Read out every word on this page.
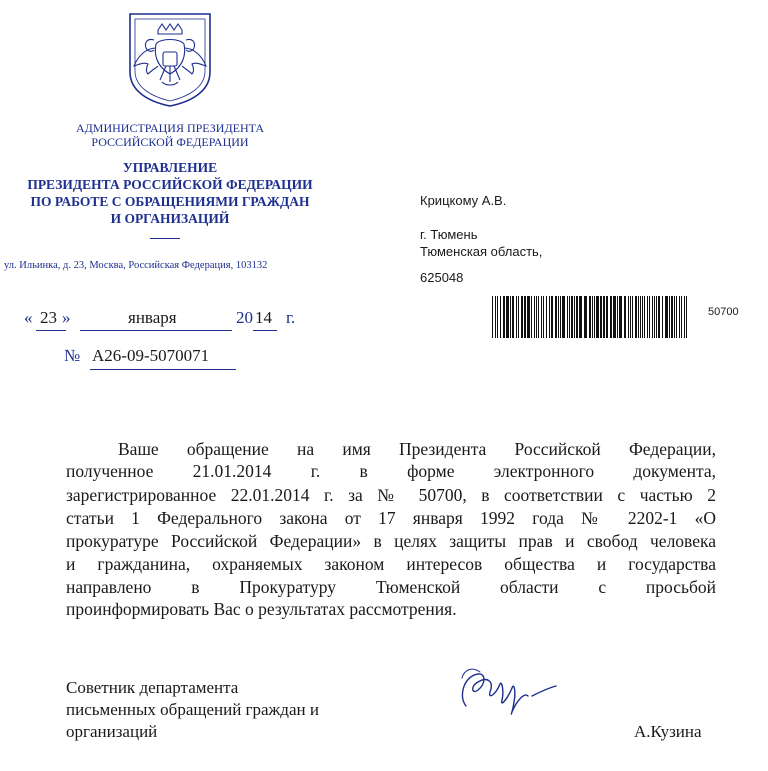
АДМИНИСТРАЦИЯ ПРЕЗИДЕНТА
РОССИЙСКОЙ ФЕДЕРАЦИИ
УПРАВЛЕНИЕ
ПРЕЗИДЕНТА РОССИЙСКОЙ ФЕДЕРАЦИИ
ПО РАБОТЕ С ОБРАЩЕНИЯМИ ГРАЖДАН
И ОРГАНИЗАЦИЙ
ул. Ильинка, д. 23, Москва, Российская Федерация, 103132
« 23 »	января	20 14 г.
№ А26-09-5070071
Крицкому А.В.
г. Тюмень
Тюменская область,
625048
50700
Ваше обращение на имя Президента Российской Федерации,
полученное 21.01.2014 г. в форме электронного документа,
зарегистрированное 22.01.2014 г. за № 50700, в соответствии с частью 2
статьи 1 Федерального закона от 17 января 1992 года № 2202-1 «О
прокуратуре Российской Федерации» в целях защиты прав и свобод человека
и гражданина, охраняемых законом интересов общества и государства
направлено в Прокуратуру Тюменской области с просьбой
проинформировать Вас о результатах рассмотрения.
Советник департамента
письменных обращений граждан и
организаций	А.Кузина
